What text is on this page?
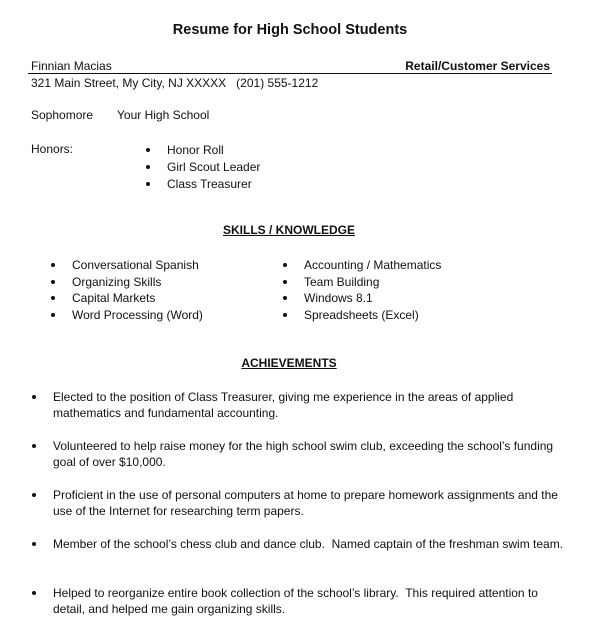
Resume for High School Students
Finnian Macias	Retail/Customer Services
321 Main Street, My City, NJ XXXXX   (201) 555-1212
Sophomore Your High School
Honors:	Honor Roll
Girl Scout Leader
Class Treasurer
SKILLS / KNOWLEDGE
Conversational Spanish
Organizing Skills
Capital Markets
Word Processing (Word)
Accounting / Mathematics
Team Building
Windows 8.1
Spreadsheets (Excel)
ACHIEVEMENTS
Elected to the position of Class Treasurer, giving me experience in the areas of applied mathematics and fundamental accounting.
Volunteered to help raise money for the high school swim club, exceeding the school’s funding goal of over $10,000.
Proficient in the use of personal computers at home to prepare homework assignments and the use of the Internet for researching term papers.
Member of the school’s chess club and dance club.  Named captain of the freshman swim team.
Helped to reorganize entire book collection of the school’s library.  This required attention to detail, and helped me gain organizing skills.
